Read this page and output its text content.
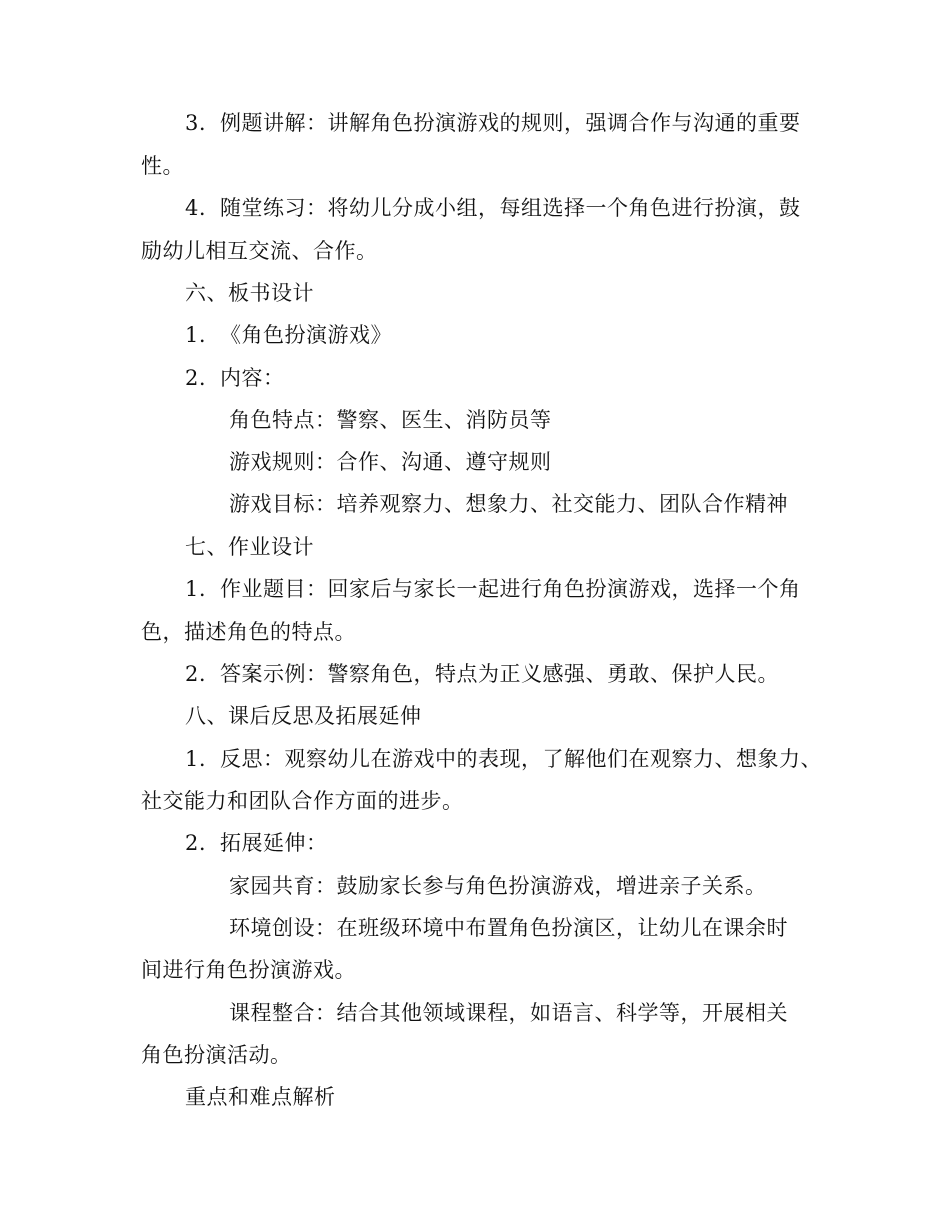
3. 例题讲解：讲解角色扮演游戏的规则，强调合作与沟通的重要
性。
4. 随堂练习：将幼儿分成小组，每组选择一个角色进行扮演，鼓
励幼儿相互交流、合作。
六、板书设计
1. 《角色扮演游戏》
2. 内容：
角色特点：警察、医生、消防员等
游戏规则：合作、沟通、遵守规则
游戏目标：培养观察力、想象力、社交能力、团队合作精神
七、作业设计
1. 作业题目：回家后与家长一起进行角色扮演游戏，选择一个角
色，描述角色的特点。
2. 答案示例：警察角色，特点为正义感强、勇敢、保护人民。
八、课后反思及拓展延伸
1. 反思：观察幼儿在游戏中的表现，了解他们在观察力、想象力、
社交能力和团队合作方面的进步。
2. 拓展延伸：
家园共育：鼓励家长参与角色扮演游戏，增进亲子关系。
环境创设：在班级环境中布置角色扮演区，让幼儿在课余时
间进行角色扮演游戏。
课程整合：结合其他领域课程，如语言、科学等，开展相关
角色扮演活动。
重点和难点解析
